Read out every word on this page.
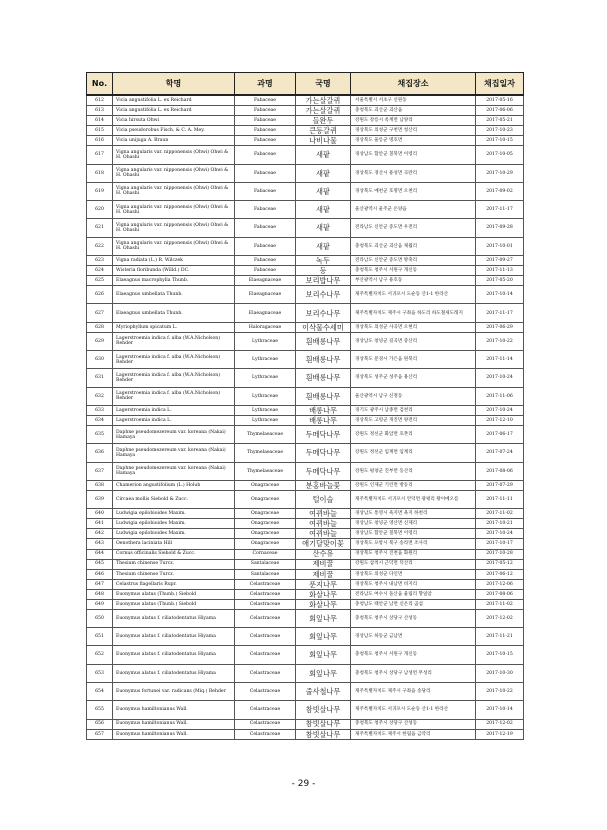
No.	학명	과명	국명	채집장소	채집일자
612	Vicia angustifolia L. ex Reichard	Fabaceae	가는살갈퀴	서울특별시 서초구 신원동	2017-05-16
613	Vicia angustifolia L. ex Reichard	Fabaceae	가는살갈퀴	충청북도 괴산군 괴산읍	2017-06-06
614	Vicia hirsuta Ohwi	Fabaceae	들완두	강원도 강릉시 옥계면 남양리	2017-05-21
615	Vicia pseudorobus Fisch. & C. A. Mey.	Fabaceae	큰등갈퀴	경상북도 의성군 구천면 청산리	2017-10-23
616	Vicia unijuga A. Braun	Fabaceae	나비나물	경상북도 울릉군 명호면	2017-10-15
617	Vigna angularis var. nipponensis (Ohwi) Ohwi & H. Ohashi	Fabaceae	새팥	경상남도 함안군 칠북면 이령리	2017-10-05
618	Vigna angularis var. nipponensis (Ohwi) Ohwi & H. Ohashi	Fabaceae	새팥	경상북도 경산시 용성면 곡란리	2017-10-29
619	Vigna angularis var. nipponensis (Ohwi) Ohwi & H. Ohashi	Fabaceae	새팥	경상북도 예천군 호명면 오천리	2017-09-02
620	Vigna angularis var. nipponensis (Ohwi) Ohwi & H. Ohashi	Fabaceae	새팥	울산광역시 울주군 온양읍	2017-11-17
621	Vigna angularis var. nipponensis (Ohwi) Ohwi & H. Ohashi	Fabaceae	새팥	전라남도 신안군 증도면 우전리	2017-09-28
622	Vigna angularis var. nipponensis (Ohwi) Ohwi & H. Ohashi	Fabaceae	새팥	충청북도 괴산군 괴산읍 제월리	2017-10-01
623	Vigna radiata (L.) R. Wilczek	Fabaceae	녹두	전라남도 신안군 증도면 방축리	2017-09-27
624	Wisteria floribunda (Willd.) DC.	Fabaceae	등	충청북도 청주시 서원구 개신동	2017-11-13
625	Elaeagnus macrophylla Thunb.	Elaeagnaceae	보리밥나무	부산광역시 남구 용호동	2017-05-20
626	Elaeagnus umbellata Thunb.	Elaeagnaceae	보리수나무	제주특별자치도 서귀포시 도순동 산1-1 한라산	2017-10-14
627	Elaeagnus umbellata Thunb.	Elaeagnaceae	보리수나무	제주특별자치도 제주시 구좌읍 하도리 하도철새도래지	2017-11-17
628	Myriophyllum spicatum L.	Haloragaceae	이삭물수세미	경상북도 의성군 사곡면 오현리	2017-06-29
629	Lagerstroemia indica f. alba (W.A.Nicholson) Rehder	Lythraceae	흰배롱나무	경상남도 창녕군 길곡면 증산리	2017-10-22
630	Lagerstroemia indica f. alba (W.A.Nicholson) Rehder	Lythraceae	흰배롱나무	경상북도 문경시 가은읍 원북리	2017-11-14
631	Lagerstroemia indica f. alba (W.A.Nicholson) Rehder	Lythraceae	흰배롱나무	경상북도 성주군 성주읍 용산리	2017-10-24
632	Lagerstroemia indica f. alba (W.A.Nicholson) Rehder	Lythraceae	흰배롱나무	울산광역시 남구 신정동	2017-11-06
633	Lagerstroemia indica L.	Lythraceae	배롱나무	경기도 광주시 남종면 검천리	2017-10-24
634	Lagerstroemia indica L.	Lythraceae	배롱나무	경상북도 고령군 개진면 양전리	2017-12-10
635	Daphne pseudomezereum var. koreana (Nakai) Hamaya	Thymelaeaceae	두메닥나무	강원도 정선군 화암면 호촌리	2017-06-17
636	Daphne pseudomezereum var. koreana (Nakai) Hamaya	Thymelaeaceae	두메닥나무	강원도 정선군 임계면 임계리	2017-07-24
637	Daphne pseudomezereum var. koreana (Nakai) Hamaya	Thymelaeaceae	두메닥나무	강원도 평창군 진부면 동산리	2017-08-06
638	Chamerion angustifolium (L.) Holub	Onagraceae	분홍바늘꽃	강원도 인제군 기린면 방동리	2017-07-29
639	Circaea mollis Siebold & Zucc.	Onagraceae	털이슬	제주특별자치도 서귀포시 안덕면 광평리 왕이메오름	2017-11-11
640	Ludwigia epilobioides Maxim.	Onagraceae	여뀌바늘	경상남도 통영시 욕지면 욕지 하천리	2017-11-02
641	Ludwigia epilobioides Maxim.	Onagraceae	여뀌바늘	경상남도 창녕군 영산면 신제리	2017-10-21
642	Ludwigia epilobioides Maxim.	Onagraceae	여뀌바늘	경상남도 함안군 칠북면 이령리	2017-10-24
643	Oenothera laciniata Hill	Onagraceae	애기달맞이꽃	경상북도 포항시 북구 송라면 조사리	2017-10-17
644	Cornus officinalis Siebold & Zucc.	Cornaceae	산수유	경상북도 청주시 진천읍 화원리	2017-10-28
645	Thesium chinense Turcz.	Santalaceae	제비꿀	강원도 삼척시 근덕면 덕산리	2017-05-12
646	Thesium chinense Turcz.	Santalaceae	제비꿀	경상북도 의성군 다인면	2017-06-12
647	Celastrus flagellaris Rupr.	Celastraceae	푼지나무	경상북도 청주시 내남면 비지리	2017-12-06
648	Euonymus alatus (Thunb.) Siebold	Celastraceae	화살나무	전라남도 여수시 돌산읍 율림리 향일암	2017-08-06
649	Euonymus alatus (Thunb.) Siebold	Celastraceae	화살나무	충청남도 태안군 남면 신온리 곰섬	2017-11-02
650	Euonymus alatus f. ciliatodentatus Hiyama	Celastraceae	회잎나무	충청북도 청주시 상당구 산성동	2017-12-02
651	Euonymus alatus f. ciliatodentatus Hiyama	Celastraceae	회잎나무	경상남도 하동군 금남면	2017-11-21
652	Euonymus alatus f. ciliatodentatus Hiyama	Celastraceae	회잎나무	충청북도 청주시 서원구 개신동	2017-10-15
653	Euonymus alatus f. ciliatodentatus Hiyama	Celastraceae	회잎나무	충청북도 청주시 상당구 남성면 무성리	2017-10-30
654	Euonymus fortunei var. radicans (Miq.) Rehder	Celastraceae	줄사철나무	제주특별자치도 제주시 구좌읍 송당리	2017-10-22
655	Euonymus hamiltonianus Wall.	Celastraceae	참빗살나무	제주특별자치도 서귀포시 도순동 산1-1 한라산	2017-10-14
656	Euonymus hamiltonianus Wall.	Celastraceae	참빗살나무	충청북도 청주시 상당구 산성동	2017-12-02
657	Euonymus hamiltonianus Wall.	Celastraceae	참빗살나무	제주특별자치도 제주시 한림읍 금악리	2017-12-19
- 29 -
